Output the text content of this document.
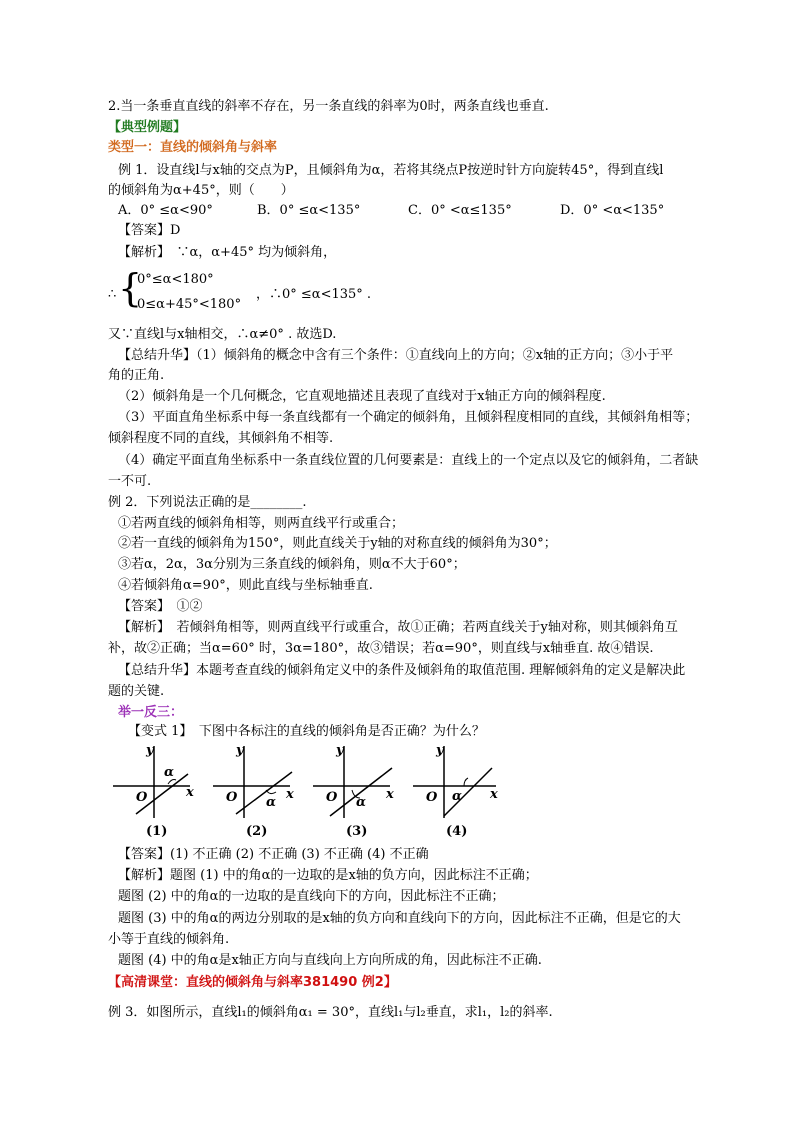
2.当一条垂直直线的斜率不存在，另一条直线的斜率为0时，两条直线也垂直.
【典型例题】
类型一：直线的倾斜角与斜率
例 1．设直线l与x轴的交点为P，且倾斜角为α，若将其绕点P按逆时针方向旋转45°，得到直线l
的倾斜角为α+45°，则（　　）
A．0° ≤α<90°	B．0° ≤α<135°	C．0° <α≤135°	D．0° <α<135°
【答案】D
【解析】　∵α，α+45° 均为倾斜角，
∴ {
0°≤α<180°
0≤α+45°<180°
，∴0° ≤α<135° .
又∵直线l与x轴相交，∴α≠0° . 故选D.
【总结升华】（1）倾斜角的概念中含有三个条件：①直线向上的方向；②x轴的正方向；③小于平
角的正角.
（2）倾斜角是一个几何概念，它直观地描述且表现了直线对于x轴正方向的倾斜程度.
（3）平面直角坐标系中每一条直线都有一个确定的倾斜角，且倾斜程度相同的直线，其倾斜角相等；
倾斜程度不同的直线，其倾斜角不相等.
（4）确定平面直角坐标系中一条直线位置的几何要素是：直线上的一个定点以及它的倾斜角，二者缺
一不可.
例 2．下列说法正确的是________.
①若两直线的倾斜角相等，则两直线平行或重合；
②若一直线的倾斜角为150°，则此直线关于y轴的对称直线的倾斜角为30°；
③若α，2α，3α分别为三条直线的倾斜角，则α不大于60°；
④若倾斜角α=90°，则此直线与坐标轴垂直.
【答案】　①②
【解析】　若倾斜角相等，则两直线平行或重合，故①正确；若两直线关于y轴对称，则其倾斜角互
补，故②正确；当α=60° 时，3α=180°，故③错误；若α=90°，则直线与x轴垂直. 故④错误.
【总结升华】本题考查直线的倾斜角定义中的条件及倾斜角的取值范围. 理解倾斜角的定义是解决此
题的关键.
举一反三：
【变式 1】　下图中各标注的直线的倾斜角是否正确？为什么？
y
x
O
α
y
x
O α
y
x
O α
y
x
O α
(1)	(2)	(3)	(4)
【答案】(1) 不正确 (2) 不正确 (3) 不正确 (4) 不正确
【解析】题图 (1) 中的角α的一边取的是x轴的负方向，因此标注不正确；
题图 (2) 中的角α的一边取的是直线向下的方向，因此标注不正确；
题图 (3) 中的角α的两边分别取的是x轴的负方向和直线向下的方向，因此标注不正确，但是它的大
小等于直线的倾斜角.
题图 (4) 中的角α是x轴正方向与直线向上方向所成的角，因此标注不正确.
【高清课堂：直线的倾斜角与斜率381490 例2】
例 3．如图所示，直线l₁的倾斜角α₁ = 30°，直线l₁与l₂垂直，求l₁，l₂的斜率.
